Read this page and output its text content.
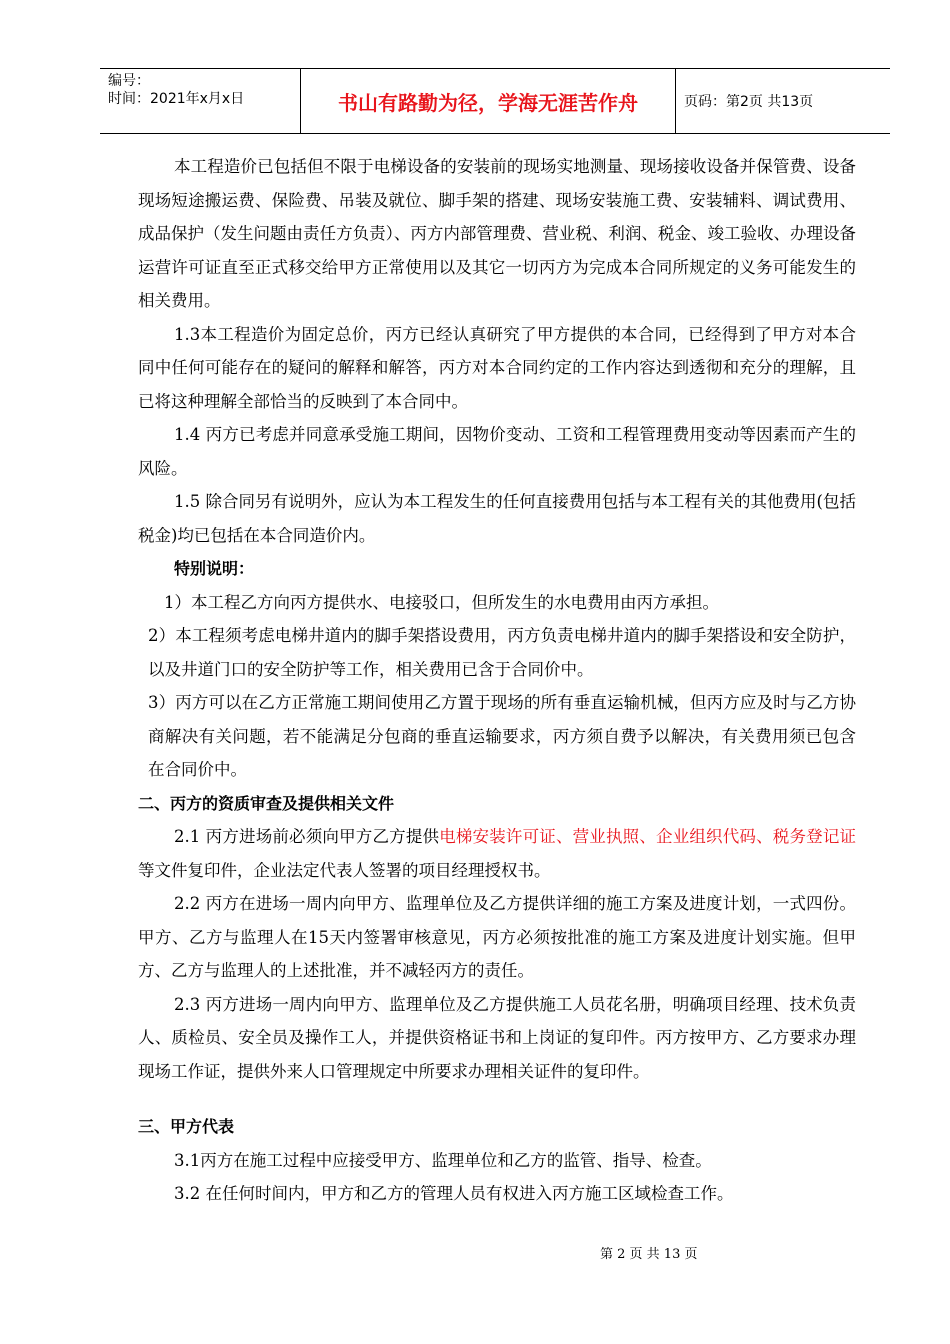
编号：
时间：2021年x月x日	书山有路勤为径，学海无涯苦作舟	页码：第2页 共13页

本工程造价已包括但不限于电梯设备的安装前的现场实地测量、现场接收设备并保管费、设备现场短途搬运费、保险费、吊装及就位、脚手架的搭建、现场安装施工费、安装辅料、调试费用、成品保护（发生问题由责任方负责）、丙方内部管理费、营业税、利润、税金、竣工验收、办理设备运营许可证直至正式移交给甲方正常使用以及其它一切丙方为完成本合同所规定的义务可能发生的相关费用。

1.3本工程造价为固定总价，丙方已经认真研究了甲方提供的本合同，已经得到了甲方对本合同中任何可能存在的疑问的解释和解答，丙方对本合同约定的工作内容达到透彻和充分的理解，且已将这种理解全部恰当的反映到了本合同中。

1.4 丙方已考虑并同意承受施工期间，因物价变动、工资和工程管理费用变动等因素而产生的风险。

1.5 除合同另有说明外，应认为本工程发生的任何直接费用包括与本工程有关的其他费用(包括税金)均已包括在本合同造价内。

特别说明：

1）本工程乙方向丙方提供水、电接驳口，但所发生的水电费用由丙方承担。

2）本工程须考虑电梯井道内的脚手架搭设费用，丙方负责电梯井道内的脚手架搭设和安全防护，以及井道门口的安全防护等工作，相关费用已含于合同价中。

3）丙方可以在乙方正常施工期间使用乙方置于现场的所有垂直运输机械，但丙方应及时与乙方协商解决有关问题，若不能满足分包商的垂直运输要求，丙方须自费予以解决，有关费用须已包含在合同价中。

二、丙方的资质审查及提供相关文件

2.1 丙方进场前必须向甲方乙方提供电梯安装许可证、营业执照、企业组织代码、税务登记证等文件复印件，企业法定代表人签署的项目经理授权书。

2.2 丙方在进场一周内向甲方、监理单位及乙方提供详细的施工方案及进度计划，一式四份。甲方、乙方与监理人在15天内签署审核意见，丙方必须按批准的施工方案及进度计划实施。但甲方、乙方与监理人的上述批准，并不减轻丙方的责任。

2.3 丙方进场一周内向甲方、监理单位及乙方提供施工人员花名册，明确项目经理、技术负责人、质检员、安全员及操作工人，并提供资格证书和上岗证的复印件。丙方按甲方、乙方要求办理现场工作证，提供外来人口管理规定中所要求办理相关证件的复印件。

三、甲方代表

3.1丙方在施工过程中应接受甲方、监理单位和乙方的监管、指导、检查。

3.2 在任何时间内，甲方和乙方的管理人员有权进入丙方施工区域检查工作。

第 2 页 共 13 页
